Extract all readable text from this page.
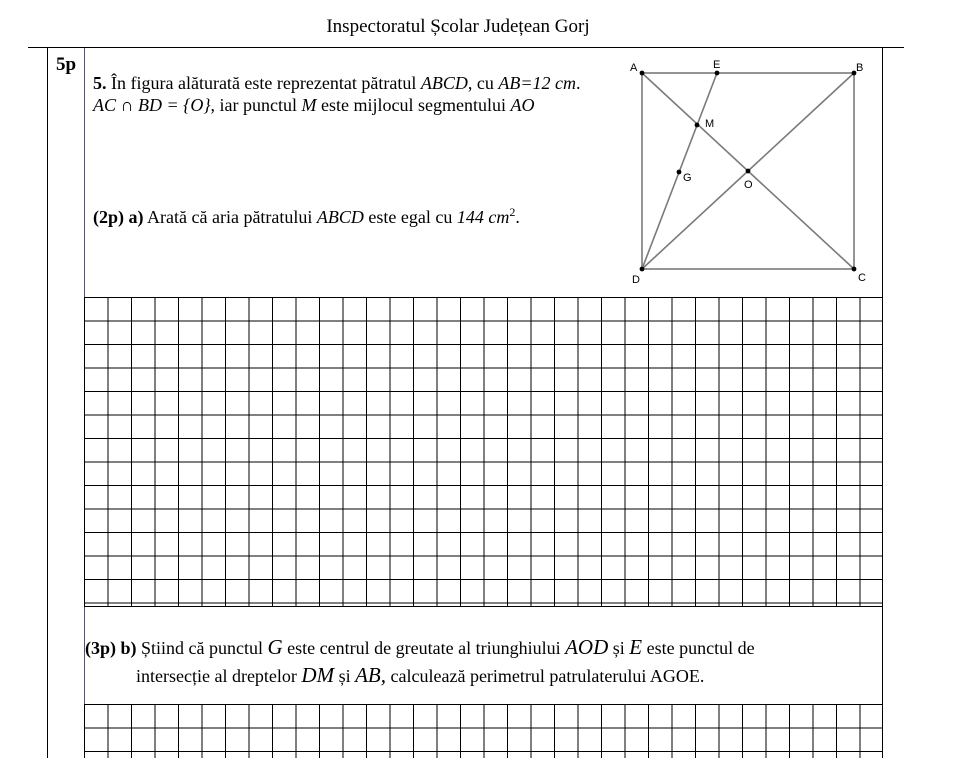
Inspectoratul Școlar Județean Gorj
5p
5. În figura alăturată este reprezentat pătratul ABCD, cu AB=12 cm.
AC ∩ BD = {O}, iar punctul M este mijlocul segmentului AO
(2p) a) Arată că aria pătratului ABCD este egal cu 144 $cm^2$.
A	B
C
D
E
M
G
O
(3p) b) Știind că punctul G este centrul de greutate al triunghiului AOD și E este punctul de
intersecție al dreptelor DM și AB, calculează perimetrul patrulaterului AGOE.
